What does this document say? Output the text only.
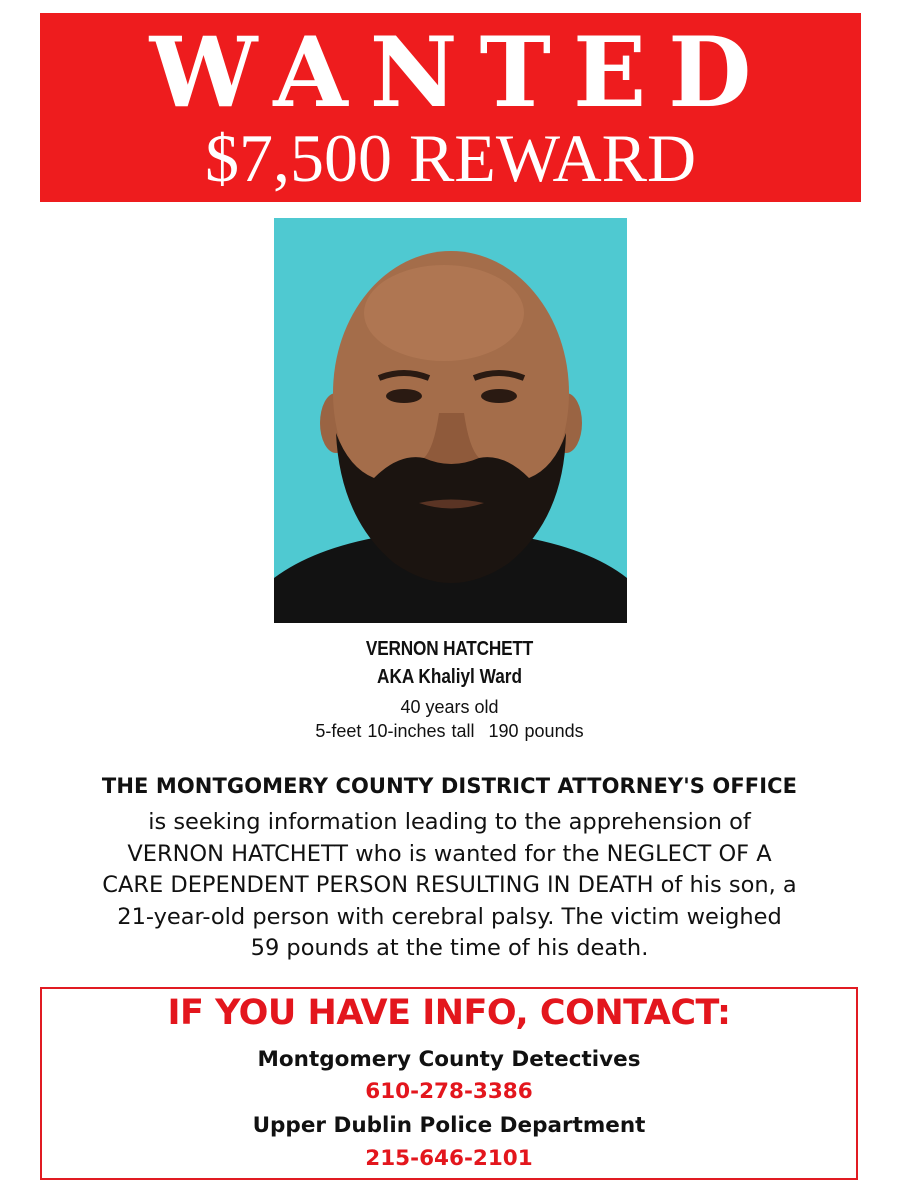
WANTED
$7,500 REWARD
VERNON HATCHETT
AKA Khaliyl Ward
40 years old
5-feet 10-inches tall 190 pounds
THE MONTGOMERY COUNTY DISTRICT ATTORNEY'S OFFICE
is seeking information leading to the apprehension of
VERNON HATCHETT who is wanted for the NEGLECT OF A
CARE DEPENDENT PERSON RESULTING IN DEATH of his son, a
21-year-old person with cerebral palsy. The victim weighed
59 pounds at the time of his death.
IF YOU HAVE INFO, CONTACT:
Montgomery County Detectives
610-278-3386
Upper Dublin Police Department
215-646-2101
